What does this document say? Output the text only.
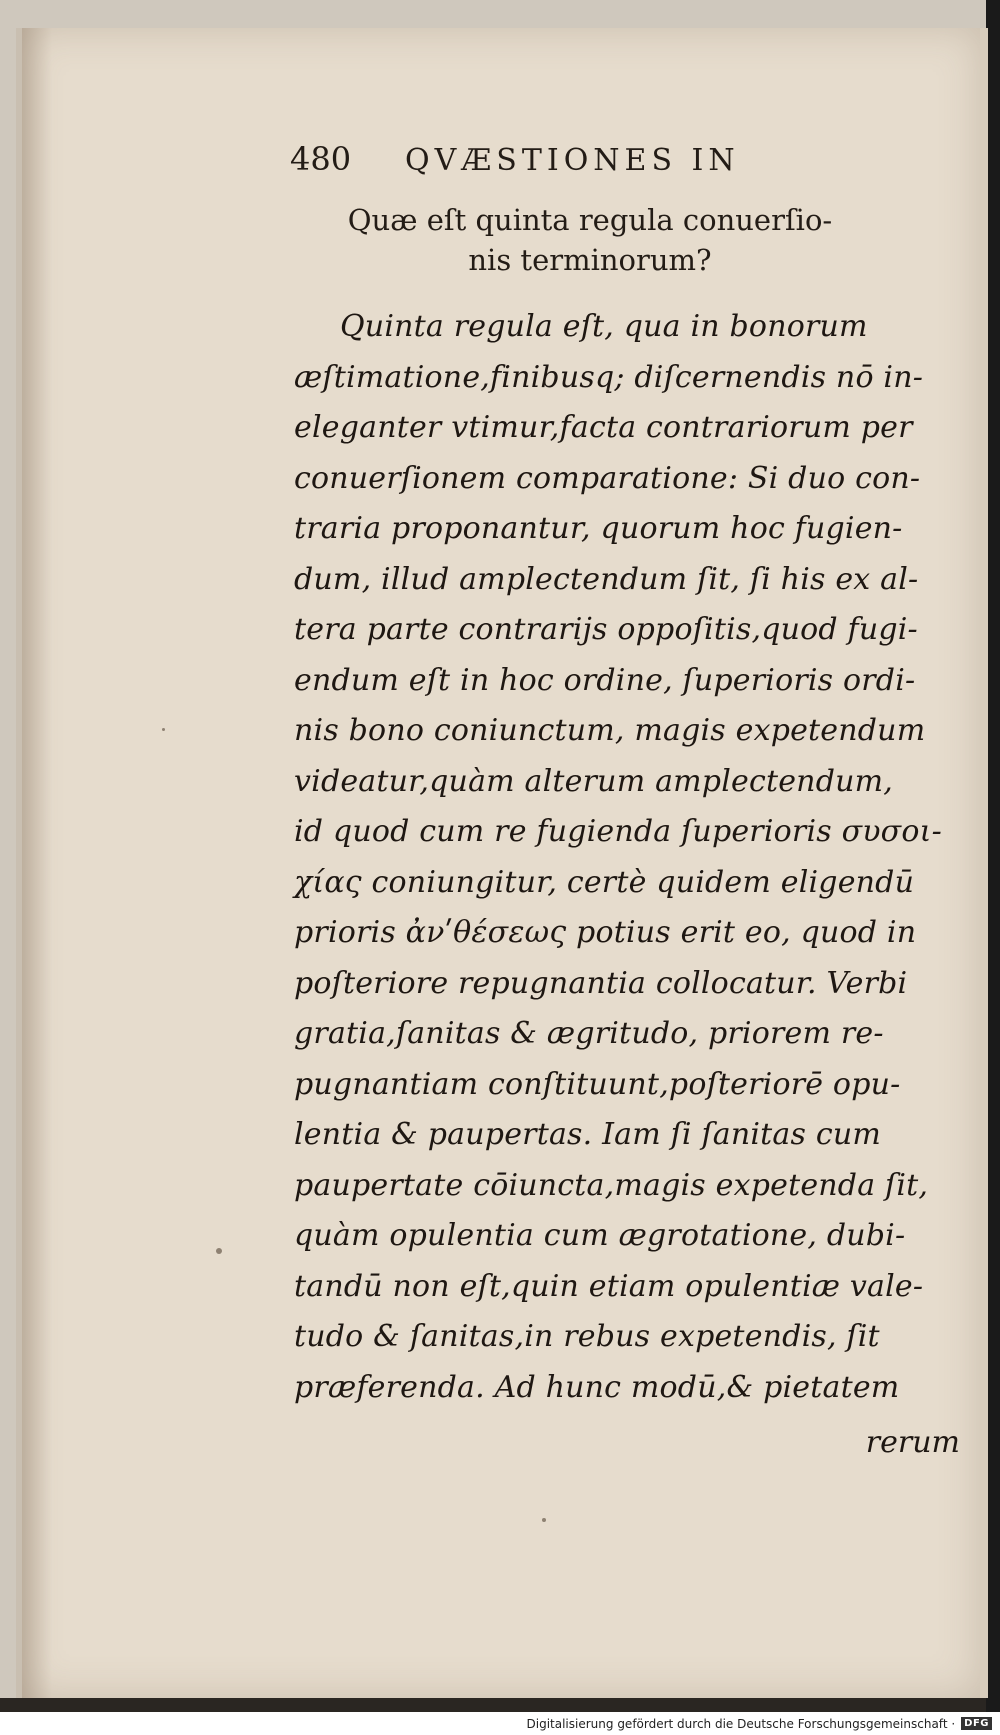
480	QVÆSTIONES IN
Quæ eſt quinta regula conuerſio-
nis terminorum?
Quinta regula eſt, qua in bonorum
æſtimatione,finibusq; diſcernendis nō in-
eleganter vtimur,facta contrariorum per
conuerſionem comparatione: Si duo con-
traria proponantur, quorum hoc fugien-
dum, illud amplectendum ſit, ſi his ex al-
tera parte contrarijs oppoſitis,quod fugi-
endum eſt in hoc ordine, ſuperioris ordi-
nis bono coniunctum, magis expetendum
videatur,quàm alterum amplectendum,
id quod cum re fugienda ſuperioris συσοι-
χίας coniungitur, certè quidem eligendū
prioris ἀνʹθέσεως potius erit eo, quod in
poſteriore repugnantia collocatur. Verbi
gratia,ſanitas & ægritudo, priorem re-
pugnantiam conſtituunt,poſteriorē opu-
lentia & paupertas. Iam ſi ſanitas cum
paupertate cōiuncta,magis expetenda ſit,
quàm opulentia cum ægrotatione, dubi-
tandū non eſt,quin etiam opulentiæ vale-
tudo & ſanitas,in rebus expetendis, ſit
præferenda. Ad hunc modū,& pietatem
rerum
Digitalisierung gefördert durch die Deutsche Forschungsgemeinschaft · DFG
